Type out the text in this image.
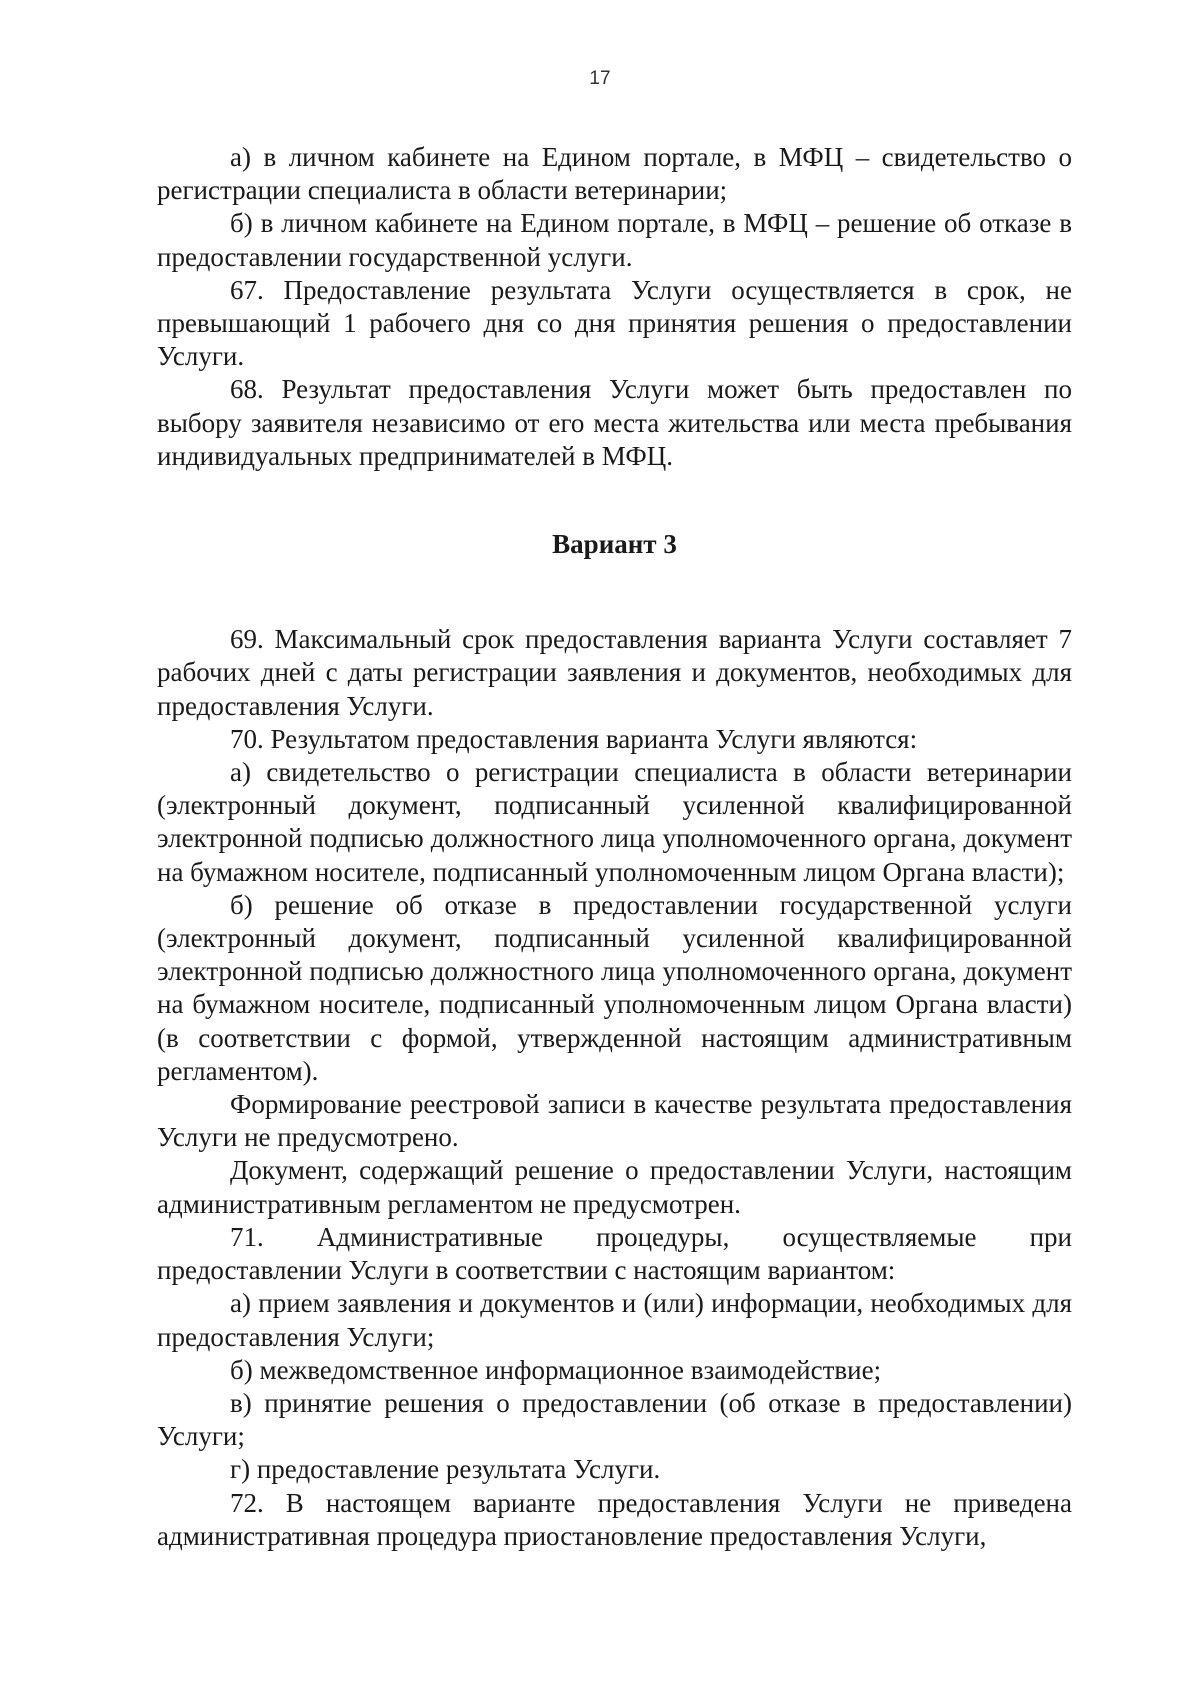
17

а) в личном кабинете на Едином портале, в МФЦ – свидетельство о регистрации специалиста в области ветеринарии;

б) в личном кабинете на Едином портале, в МФЦ – решение об отказе в предоставлении государственной услуги.

67. Предоставление результата Услуги осуществляется в срок, не превышающий 1 рабочего дня со дня принятия решения о предоставлении Услуги.

68. Результат предоставления Услуги может быть предоставлен по выбору заявителя независимо от его места жительства или места пребывания индивидуальных предпринимателей в МФЦ.

Вариант 3

69. Максимальный срок предоставления варианта Услуги составляет 7 рабочих дней с даты регистрации заявления и документов, необходимых для предоставления Услуги.

70. Результатом предоставления варианта Услуги являются:

а) свидетельство о регистрации специалиста в области ветеринарии (электронный документ, подписанный усиленной квалифицированной электронной подписью должностного лица уполномоченного органа, документ на бумажном носителе, подписанный уполномоченным лицом Органа власти);

б) решение об отказе в предоставлении государственной услуги (электронный документ, подписанный усиленной квалифицированной электронной подписью должностного лица уполномоченного органа, документ на бумажном носителе, подписанный уполномоченным лицом Органа власти) (в соответствии с формой, утвержденной настоящим административным регламентом).

Формирование реестровой записи в качестве результата предоставления Услуги не предусмотрено.

Документ, содержащий решение о предоставлении Услуги, настоящим административным регламентом не предусмотрен.

71. Административные процедуры, осуществляемые при предоставлении Услуги в соответствии с настоящим вариантом:

а) прием заявления и документов и (или) информации, необходимых для предоставления Услуги;

б) межведомственное информационное взаимодействие;

в) принятие решения о предоставлении (об отказе в предоставлении) Услуги;

г) предоставление результата Услуги.

72. В настоящем варианте предоставления Услуги не приведена административная процедура приостановление предоставления Услуги,
